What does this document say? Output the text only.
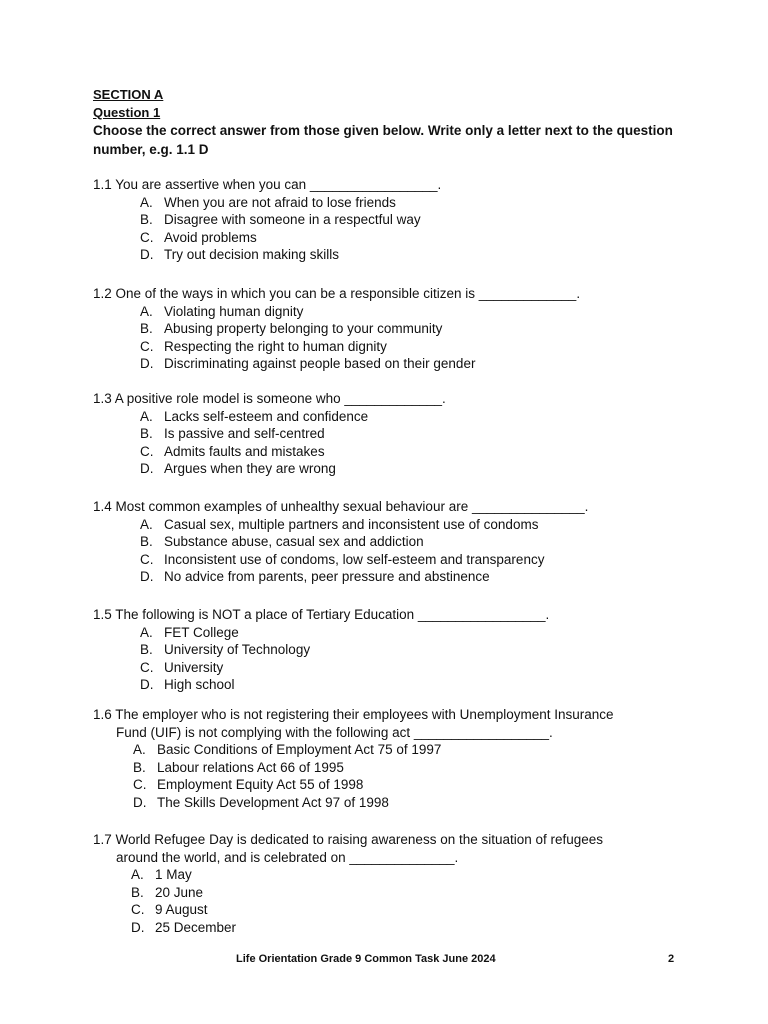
SECTION A
Question 1
Choose the correct answer from those given below. Write only a letter next to the question number, e.g. 1.1 D
1.1 You are assertive when you can _________________.
A. When you are not afraid to lose friends
B. Disagree with someone in a respectful way
C. Avoid problems
D. Try out decision making skills
1.2 One of the ways in which you can be a responsible citizen is _____________.
A. Violating human dignity
B. Abusing property belonging to your community
C. Respecting the right to human dignity
D. Discriminating against people based on their gender
1.3 A positive role model is someone who _____________.
A. Lacks self-esteem and confidence
B. Is passive and self-centred
C. Admits faults and mistakes
D. Argues when they are wrong
1.4 Most common examples of unhealthy sexual behaviour are _______________.
A. Casual sex, multiple partners and inconsistent use of condoms
B. Substance abuse, casual sex and addiction
C. Inconsistent use of condoms, low self-esteem and transparency
D. No advice from parents, peer pressure and abstinence
1.5 The following is NOT a place of Tertiary Education _________________.
A. FET College
B. University of Technology
C. University
D. High school
1.6 The employer who is not registering their employees with Unemployment Insurance
Fund (UIF) is not complying with the following act __________________.
A. Basic Conditions of Employment Act 75 of 1997
B. Labour relations Act 66 of 1995
C. Employment Equity Act 55 of 1998
D. The Skills Development Act 97 of 1998
1.7 World Refugee Day is dedicated to raising awareness on the situation of refugees
around the world, and is celebrated on ______________.
A. 1 May
B. 20 June
C. 9 August
D. 25 December
Life Orientation Grade 9 Common Task June 2024	2
